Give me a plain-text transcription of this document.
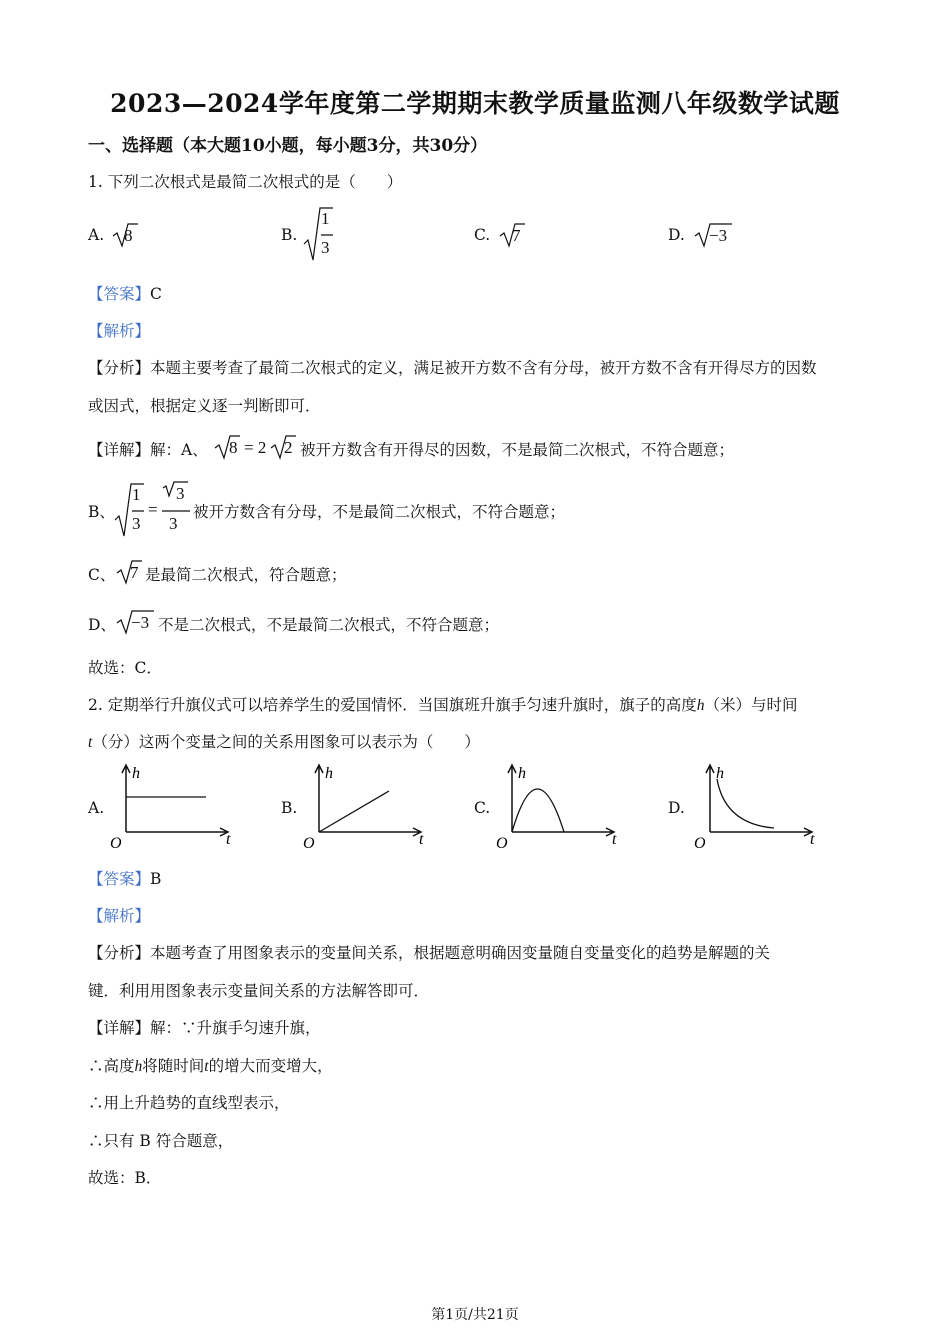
2023—2024学年度第二学期期末教学质量监测八年级数学试题
一、选择题（本大题10小题，每小题3分，共30分）
1. 下列二次根式是最简二次根式的是（　　）
A. 8	B.
1
3
C. 7	D. −3
【答案】C
【解析】
【分析】本题主要考查了最简二次根式的定义，满足被开方数不含有分母，被开方数不含有开得尽方的因数
或因式，根据定义逐一判断即可．
【详解】解：A、 8 = 2 2 被开方数含有开得尽的因数，不是最简二次根式，不符合题意；
B、
1
3
=
3
3
被开方数含有分母，不是最简二次根式，不符合题意；
C、 7 是最简二次根式，符合题意；
D、 −3 不是二次根式，不是最简二次根式，不符合题意；
故选：C．
2. 定期举行升旗仪式可以培养学生的爱国情怀．当国旗班升旗手匀速升旗时，旗子的高度h（米）与时间
t（分）这两个变量之间的关系用图象可以表示为（　　）
A.
h
t
O
B.
h
t
O
C.
h
t
O
D.
h
t
O
【答案】B
【解析】
【分析】本题考查了用图象表示的变量间关系，根据题意明确因变量随自变量变化的趋势是解题的关
键．利用用图象表示变量间关系的方法解答即可．
【详解】解：∵升旗手匀速升旗，
∴高度h将随时间t的增大而变增大，
∴用上升趋势的直线型表示，
∴只有 B 符合题意，
故选：B．
第1页/共21页
